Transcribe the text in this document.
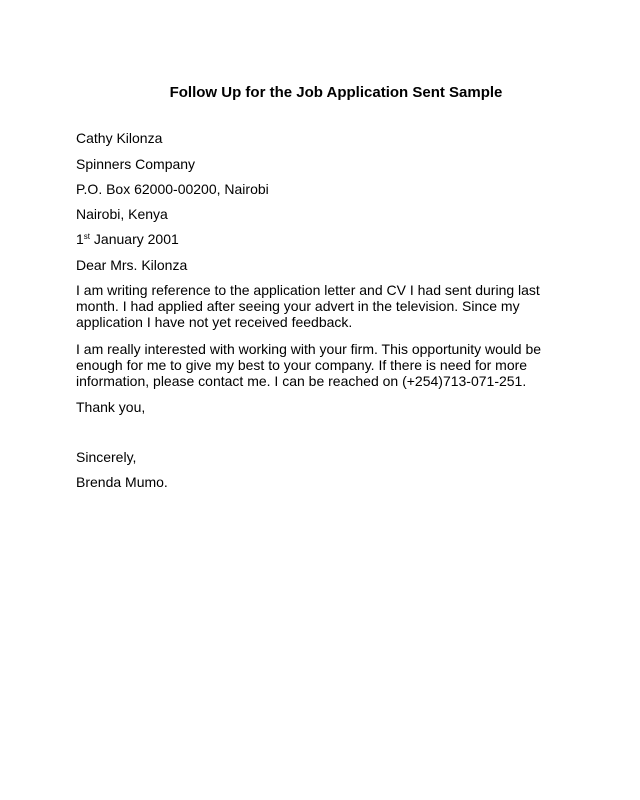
Follow Up for the Job Application Sent Sample
Cathy Kilonza
Spinners Company
P.O. Box 62000-00200, Nairobi
Nairobi, Kenya
1st January 2001
Dear Mrs. Kilonza
I am writing reference to the application letter and CV I had sent during last
month. I had applied after seeing your advert in the television. Since my
application I have not yet received feedback.
I am really interested with working with your firm. This opportunity would be
enough for me to give my best to your company. If there is need for more
information, please contact me. I can be reached on (+254)713-071-251.
Thank you,
Sincerely,
Brenda Mumo.
